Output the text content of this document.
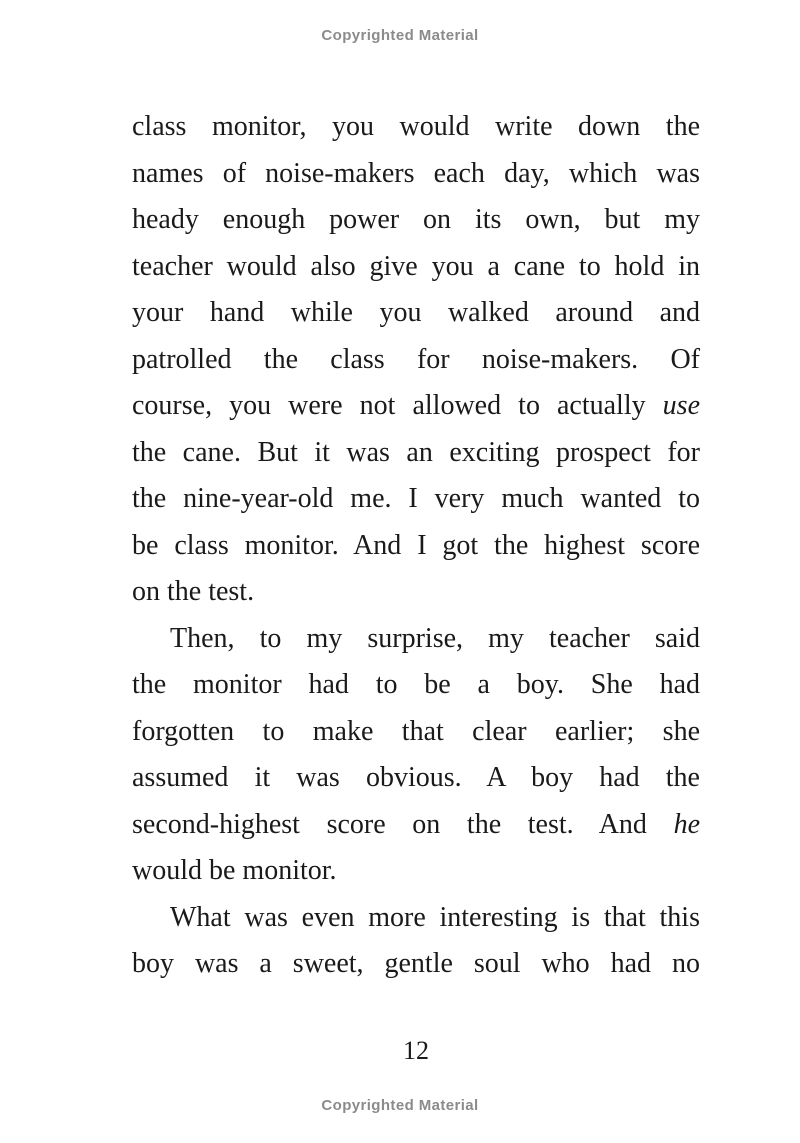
Copyrighted Material
class monitor, you would write down the
names of noise-makers each day, which was
heady enough power on its own, but my
teacher would also give you a cane to hold in
your hand while you walked around and
patrolled the class for noise-makers. Of
course, you were not allowed to actually use
the cane. But it was an exciting prospect for
the nine-year-old me. I very much wanted to
be class monitor. And I got the highest score
on the test.
Then, to my surprise, my teacher said
the monitor had to be a boy. She had
forgotten to make that clear earlier; she
assumed it was obvious. A boy had the
second-highest score on the test. And he
would be monitor.
What was even more interesting is that this
boy was a sweet, gentle soul who had no
12
Copyrighted Material
